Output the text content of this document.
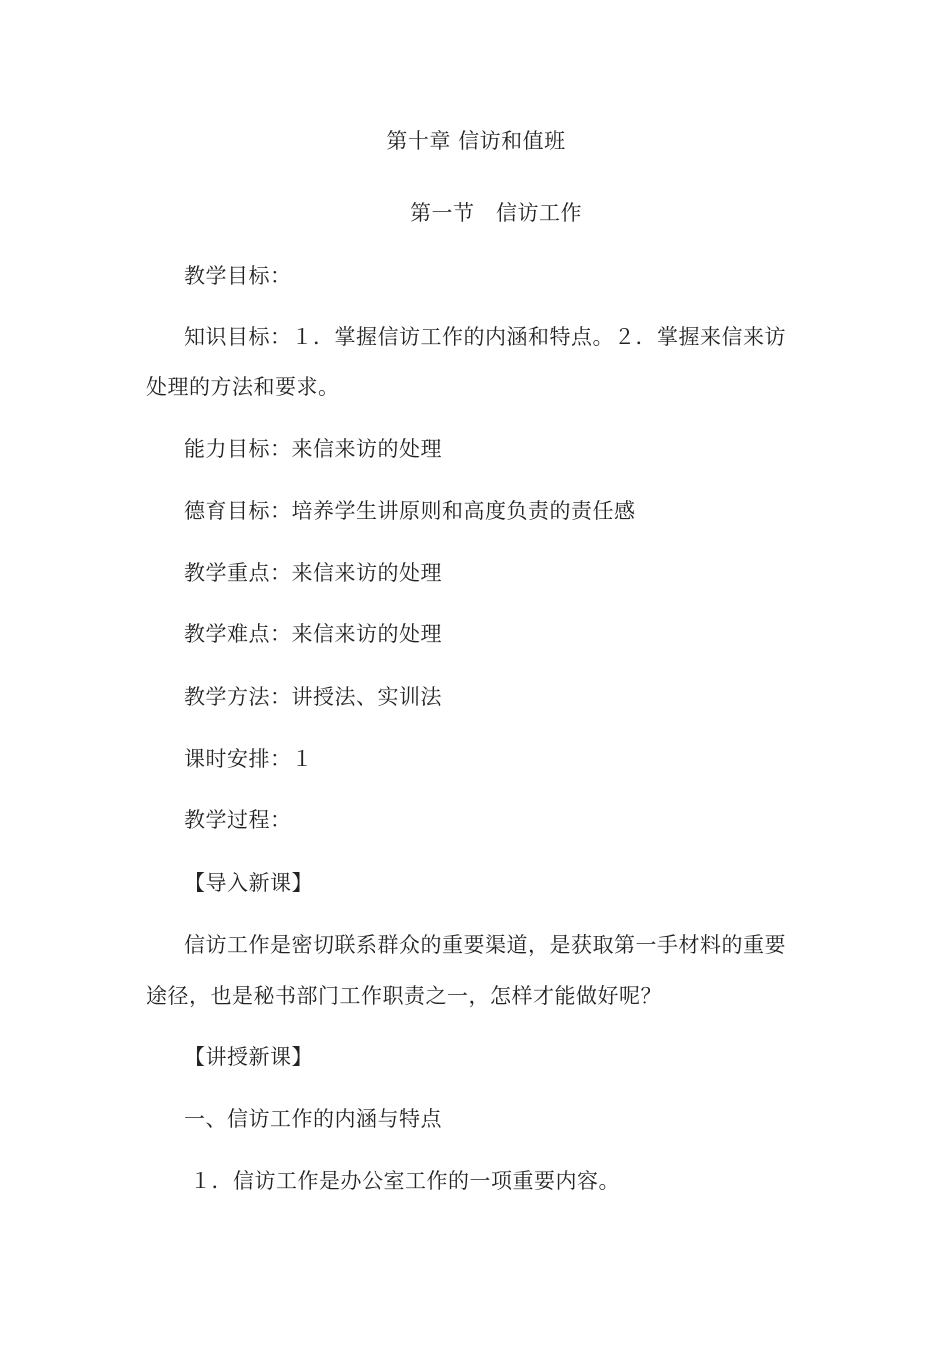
第十章 信访和值班
第一节　信访工作
教学目标：
知识目标：１．掌握信访工作的内涵和特点。２．掌握来信来访
处理的方法和要求。
能力目标：来信来访的处理
德育目标：培养学生讲原则和高度负责的责任感
教学重点：来信来访的处理
教学难点：来信来访的处理
教学方法：讲授法、实训法
课时安排：１
教学过程：
【导入新课】
信访工作是密切联系群众的重要渠道，是获取第一手材料的重要
途径，也是秘书部门工作职责之一，怎样才能做好呢？
【讲授新课】
一、信访工作的内涵与特点
１．信访工作是办公室工作的一项重要内容。
